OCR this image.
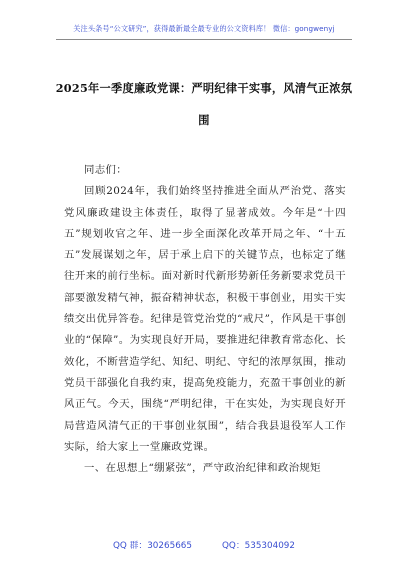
关注头条号“公文研究”，获得最新最全最专业的公文资料库！ 微信：gongwenyj
2025年一季度廉政党课：严明纪律干实事，风清气正浓氛围

同志们：

回顾2024年，我们始终坚持推进全面从严治党、落实党风廉政建设主体责任，取得了显著成效。今年是“十四五”规划收官之年、进一步全面深化改革开局之年、“十五五”发展谋划之年，居于承上启下的关键节点，也标定了继往开来的前行坐标。面对新时代新形势新任务新要求党员干部要激发精气神，振奋精神状态，积极干事创业，用实干实绩交出优异答卷。纪律是管党治党的“戒尺”，作风是干事创业的“保障”。为实现良好开局，要推进纪律教育常态化、长效化，不断营造学纪、知纪、明纪、守纪的浓厚氛围，推动党员干部强化自我约束，提高免疫能力，充盈干事创业的新风正气。今天，围绕“严明纪律，干在实处，为实现良好开局营造风清气正的干事创业氛围”，结合我县退役军人工作实际，给大家上一堂廉政党课。

一、在思想上“绷紧弦”，严守政治纪律和政治规矩

QQ 群：30265665	QQ：535304092
